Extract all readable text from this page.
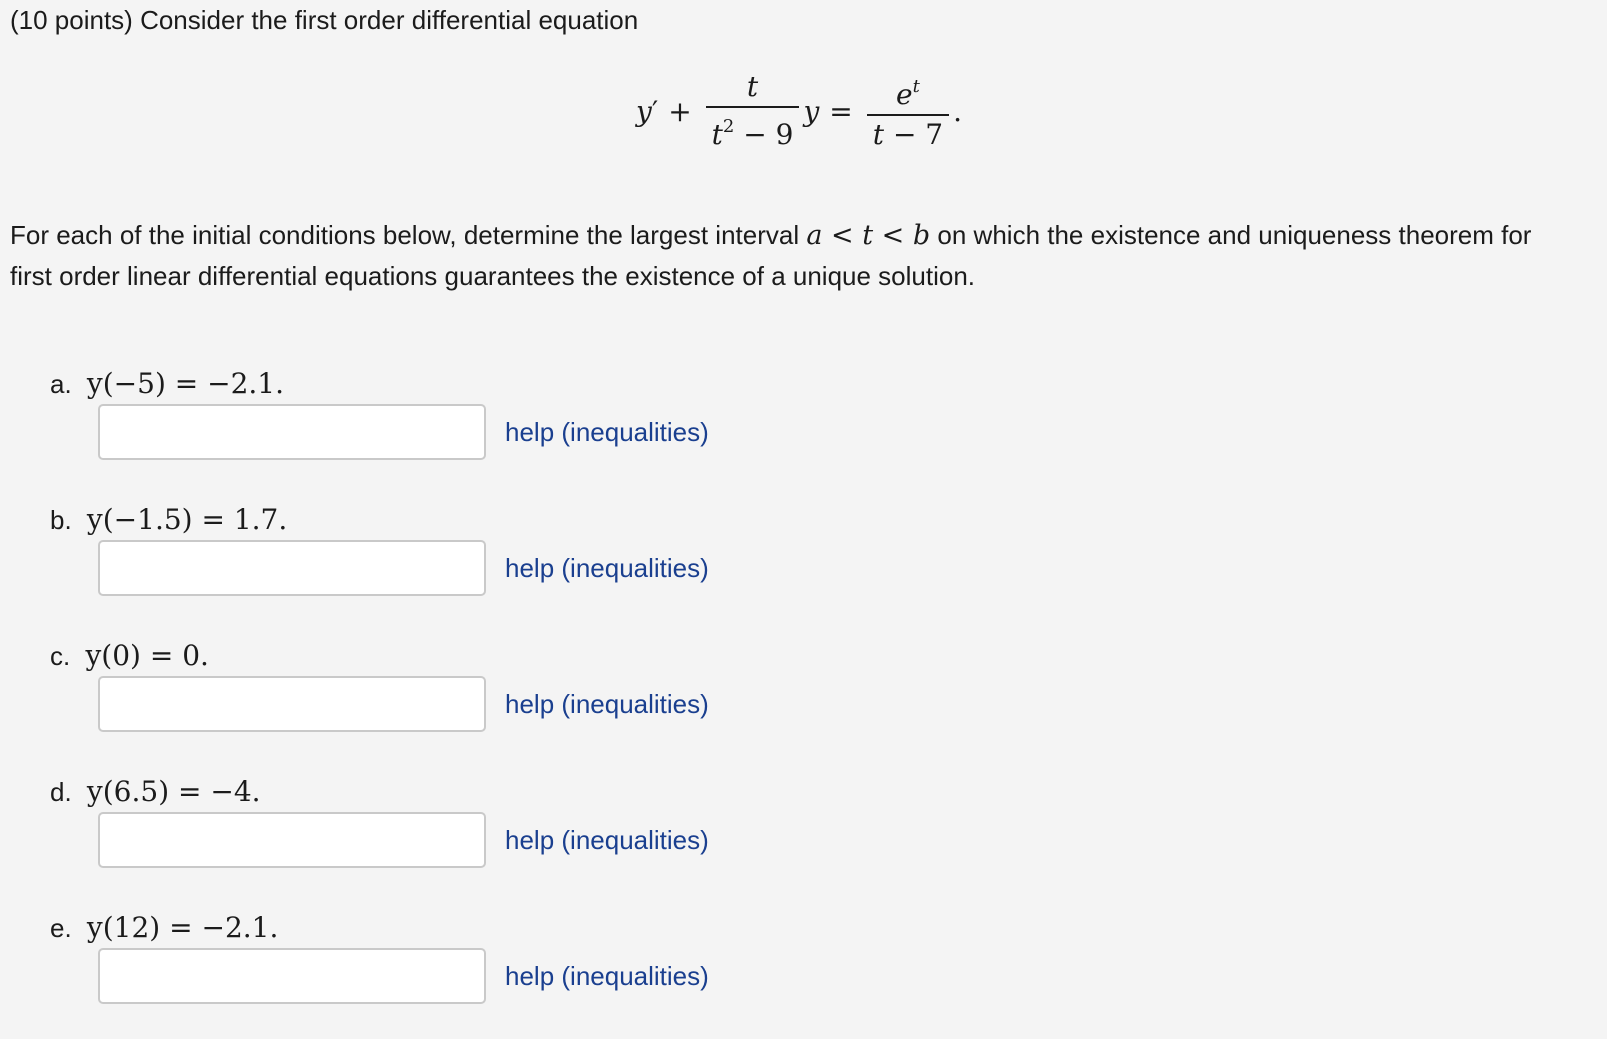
(10 points) Consider the first order differential equation
y ′ + $\frac{t}{t^2 - 9}$ $y = \frac{e^t}{t - 7}$ .

For each of the initial conditions below, determine the largest interval a < t < b on which the existence and uniqueness theorem for first order linear differential equations guarantees the existence of a unique solution.

a. y(−5) = −2.1.
help (inequalities)
b. y(−1.5) = 1.7.
help (inequalities)
c. y(0) = 0.
help (inequalities)
d. y(6.5) = −4.
help (inequalities)
e. y(12) = −2.1.
help (inequalities)
